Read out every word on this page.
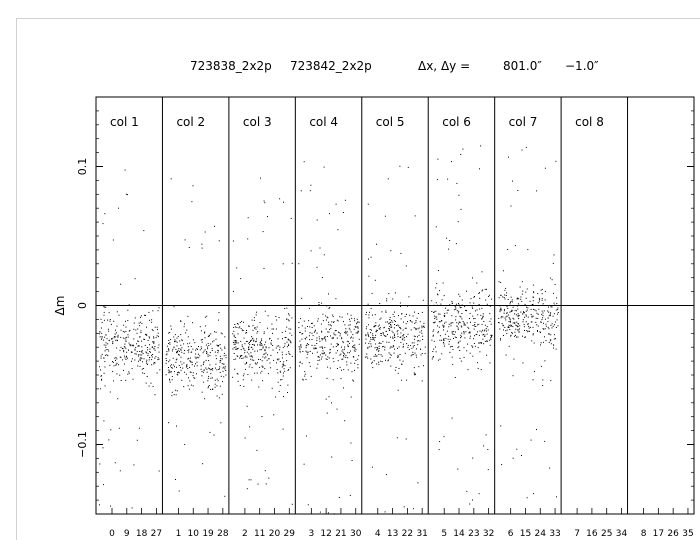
723838_2x2p 723842_2x2p	Δx, Δy =	801.0″ −1.0″
−0.1
0
0.1
Δm
col 1
0 9 18 27
col 2
1 10 19 28
col 3
2 11 20 29
col 4
3 12 21 30
col 5
4 13 22 31
col 6
5 14 23 32
col 7
6 15 24 33
col 8
7 16 25 34 8 17 26 35
